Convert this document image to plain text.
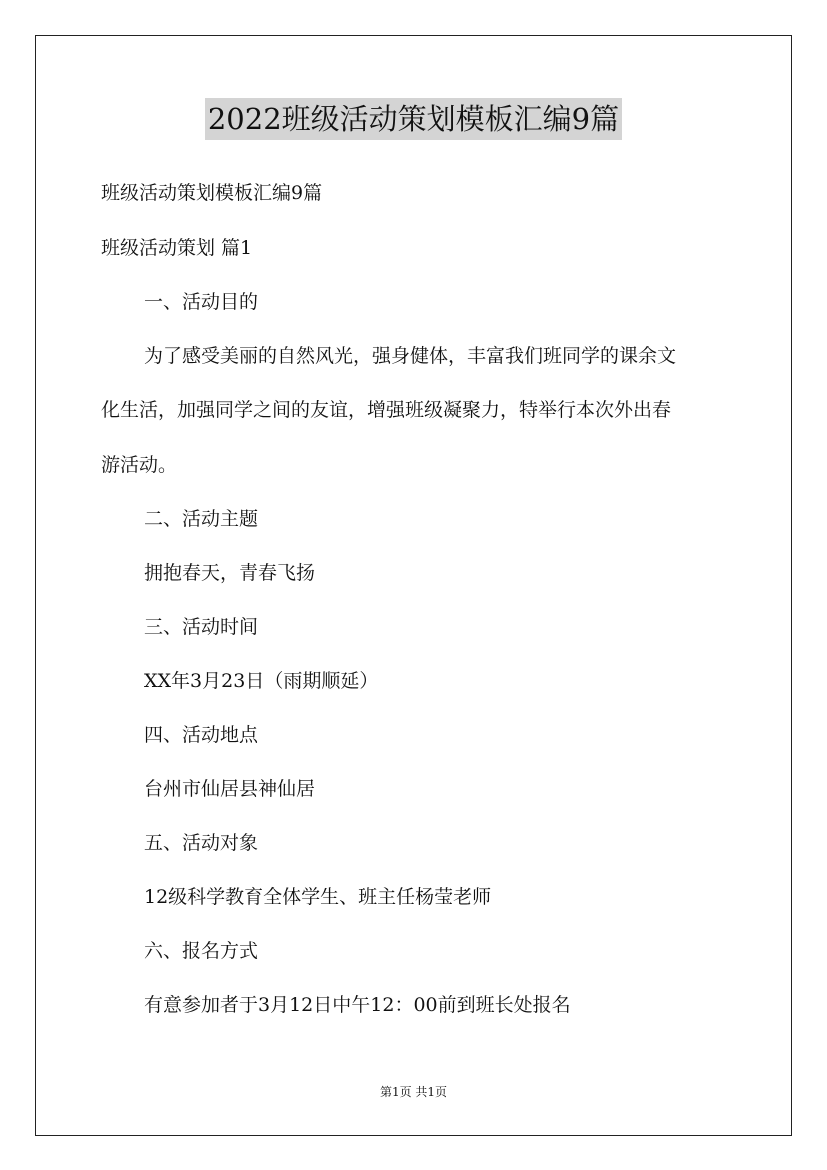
2022班级活动策划模板汇编9篇
班级活动策划模板汇编9篇
班级活动策划 篇1
一、活动目的
为了感受美丽的自然风光，强身健体，丰富我们班同学的课余文
化生活，加强同学之间的友谊，增强班级凝聚力，特举行本次外出春
游活动。
二、活动主题
拥抱春天，青春飞扬
三、活动时间
XX年3月23日（雨期顺延）
四、活动地点
台州市仙居县神仙居
五、活动对象
12级科学教育全体学生、班主任杨莹老师
六、报名方式
有意参加者于3月12日中午12：00前到班长处报名
第1页 共1页
